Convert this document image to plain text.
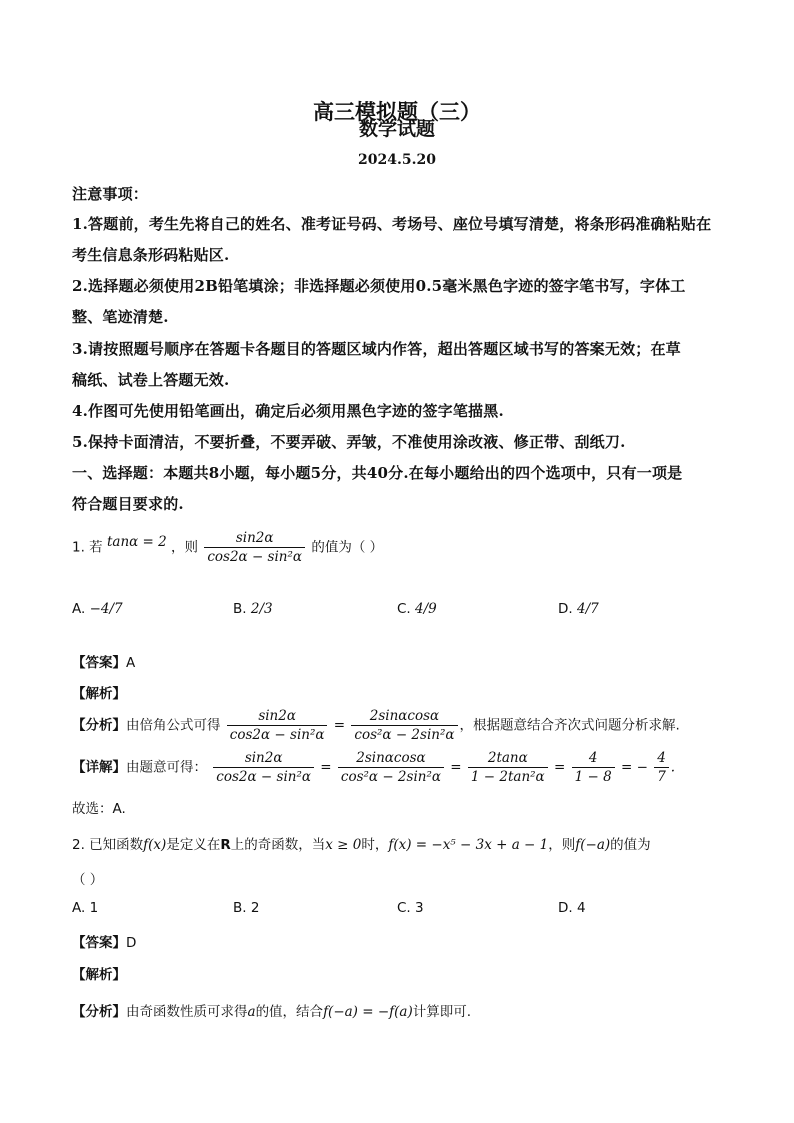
高三模拟题（三）
数学试题
2024.5.20
注意事项：
1.答题前，考生先将自己的姓名、准考证号码、考场号、座位号填写清楚，将条形码准确粘贴在
考生信息条形码粘贴区.
2.选择题必须使用2B铅笔填涂；非选择题必须使用0.5毫米黑色字迹的签字笔书写，字体工
整、笔迹清楚.
3.请按照题号顺序在答题卡各题目的答题区域内作答，超出答题区域书写的答案无效；在草
稿纸、试卷上答题无效.
4.作图可先使用铅笔画出，确定后必须用黑色字迹的签字笔描黑.
5.保持卡面清洁，不要折叠，不要弄破、弄皱，不准使用涂改液、修正带、刮纸刀.
一、选择题：本题共8小题，每小题5分，共40分.在每小题给出的四个选项中，只有一项是
符合题目要求的.
1. 若 tanα = 2 ，则 $\frac{\sin 2\alpha}{\text{cos2α − sin²α}}$ 的值为（ ）
A. −4/7	B. 2/3	C. 4/9	D. 4/7
【答案】A
【解析】
【分析】由倍角公式可得 $\frac{\sin 2\alpha}{\text{cos2α − sin²α}} = \frac{2\sin\alpha\cos\alpha}{\text{cos²α − 2sin²α}}$ ，根据题意结合齐次式问题分析求解.
【详解】由题意可得： $\frac{\sin 2\alpha}{\text{cos2α − sin²α}} = \frac{2\sin\alpha\cos\alpha}{\text{cos²α − 2sin²α}} = \frac{2\tan\alpha}{\text{1 − 2tan²α}} = \frac{4}{1 - 8}$ = − $\frac{4}{7}$ .
故选：A.
2. 已知函数f(x)是定义在R上的奇函数，当x ≥ 0时，f(x) = −x⁵ − 3x + a − 1，则f(−a)的值为
（ ）
A. 1	B. 2	C. 3	D. 4
【答案】D
【解析】
【分析】由奇函数性质可求得a的值，结合f(−a) = −f(a)计算即可.
